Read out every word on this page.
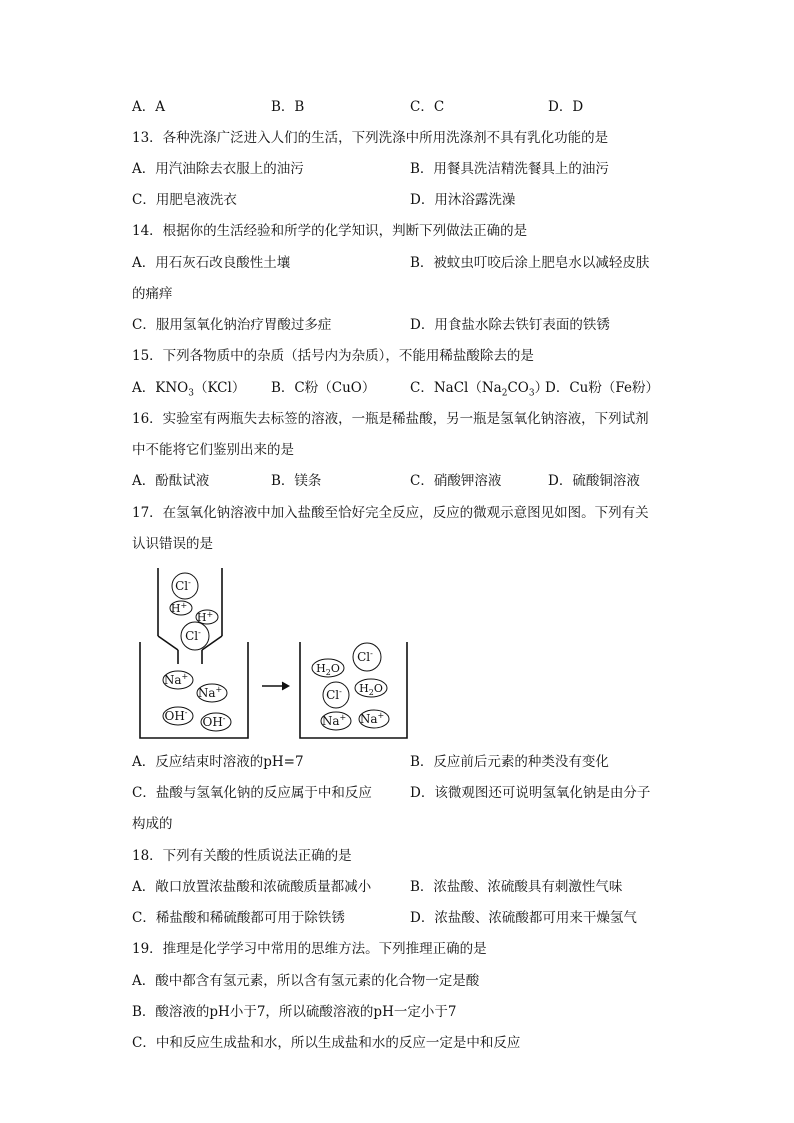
A．A	B．B	C．C	D．D
13．各种洗涤广泛进入人们的生活，下列洗涤中所用洗涤剂不具有乳化功能的是
A．用汽油除去衣服上的油污	B．用餐具洗洁精洗餐具上的油污
C．用肥皂液洗衣	D．用沐浴露洗澡
14．根据你的生活经验和所学的化学知识，判断下列做法正确的是
A．用石灰石改良酸性土壤	B．被蚊虫叮咬后涂上肥皂水以减轻皮肤
的痛痒
C．服用氢氧化钠治疗胃酸过多症	D．用食盐水除去铁钉表面的铁锈
15．下列各物质中的杂质（括号内为杂质），不能用稀盐酸除去的是
A．$KNO_3(KCl)$ B．C粉（CuO）	C．$NaCl(Na_2CO_3)$
D．Cu粉（Fe粉）
16．实验室有两瓶失去标签的溶液，一瓶是稀盐酸，另一瓶是氢氧化钠溶液，下列试剂
中不能将它们鉴别出来的是
A．酚酞试液	B．镁条	C．硝酸钾溶液	D．硫酸铜溶液
17．在氢氧化钠溶液中加入盐酸至恰好完全反应，反应的微观示意图见如图。下列有关
认识错误的是
Cl-
H+
H+
Cl-
Na+
Na+
OH-
OH-
$H_2O$
Cl-
Cl- $H_2O$
Na+ Na+
A．反应结束时溶液的pH=7	B．反应前后元素的种类没有变化
C．盐酸与氢氧化钠的反应属于中和反应	D．该微观图还可说明氢氧化钠是由分子
构成的
18．下列有关酸的性质说法正确的是
A．敞口放置浓盐酸和浓硫酸质量都减小	B．浓盐酸、浓硫酸具有刺激性气味
C．稀盐酸和稀硫酸都可用于除铁锈	D．浓盐酸、浓硫酸都可用来干燥氢气
19．推理是化学学习中常用的思维方法。下列推理正确的是
A．酸中都含有氢元素，所以含有氢元素的化合物一定是酸
B．酸溶液的pH小于7，所以硫酸溶液的pH一定小于7
C．中和反应生成盐和水，所以生成盐和水的反应一定是中和反应
